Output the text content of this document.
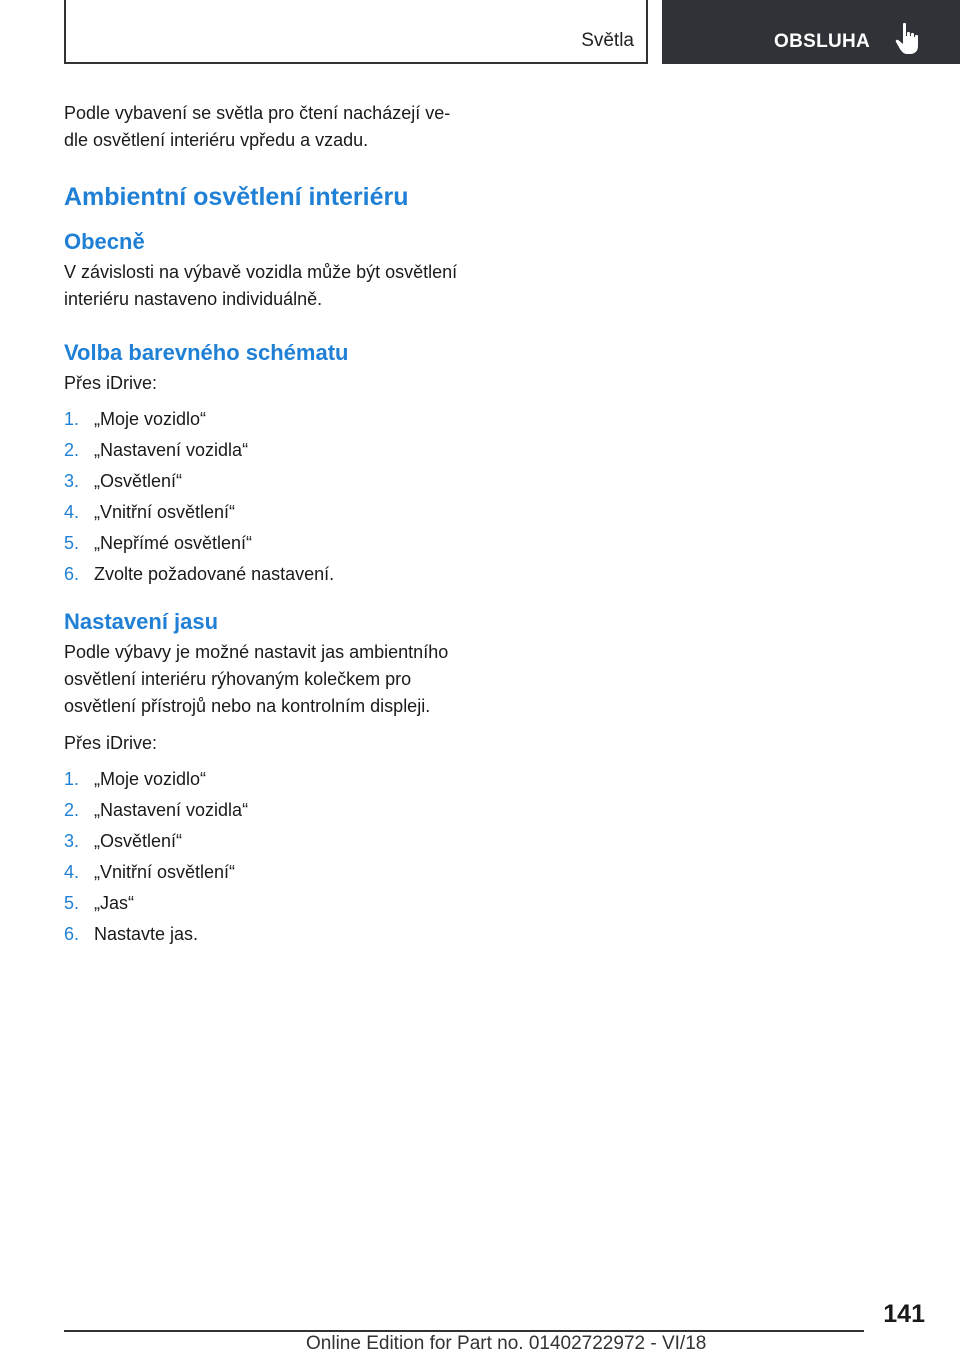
Světla	OBSLUHA

Podle vybavení se světla pro čtení nacházejí ve-
dle osvětlení interiéru vpředu a vzadu.

Ambientní osvětlení interiéru
Obecně

V závislosti na výbavě vozidla může být osvětlení
interiéru nastaveno individuálně.

Volba barevného schématu

Přes iDrive:

1. „Moje vozidlo“
2. „Nastavení vozidla“
3. „Osvětlení“
4. „Vnitřní osvětlení“
5. „Nepřímé osvětlení“
6. Zvolte požadované nastavení.
Nastavení jasu

Podle výbavy je možné nastavit jas ambientního
osvětlení interiéru rýhovaným kolečkem pro
osvětlení přístrojů nebo na kontrolním displeji.

Přes iDrive:

1. „Moje vozidlo“
2. „Nastavení vozidla“
3. „Osvětlení“
4. „Vnitřní osvětlení“
5. „Jas“
6. Nastavte jas.
141
Online Edition for Part no. 01402722972 - VI/18
